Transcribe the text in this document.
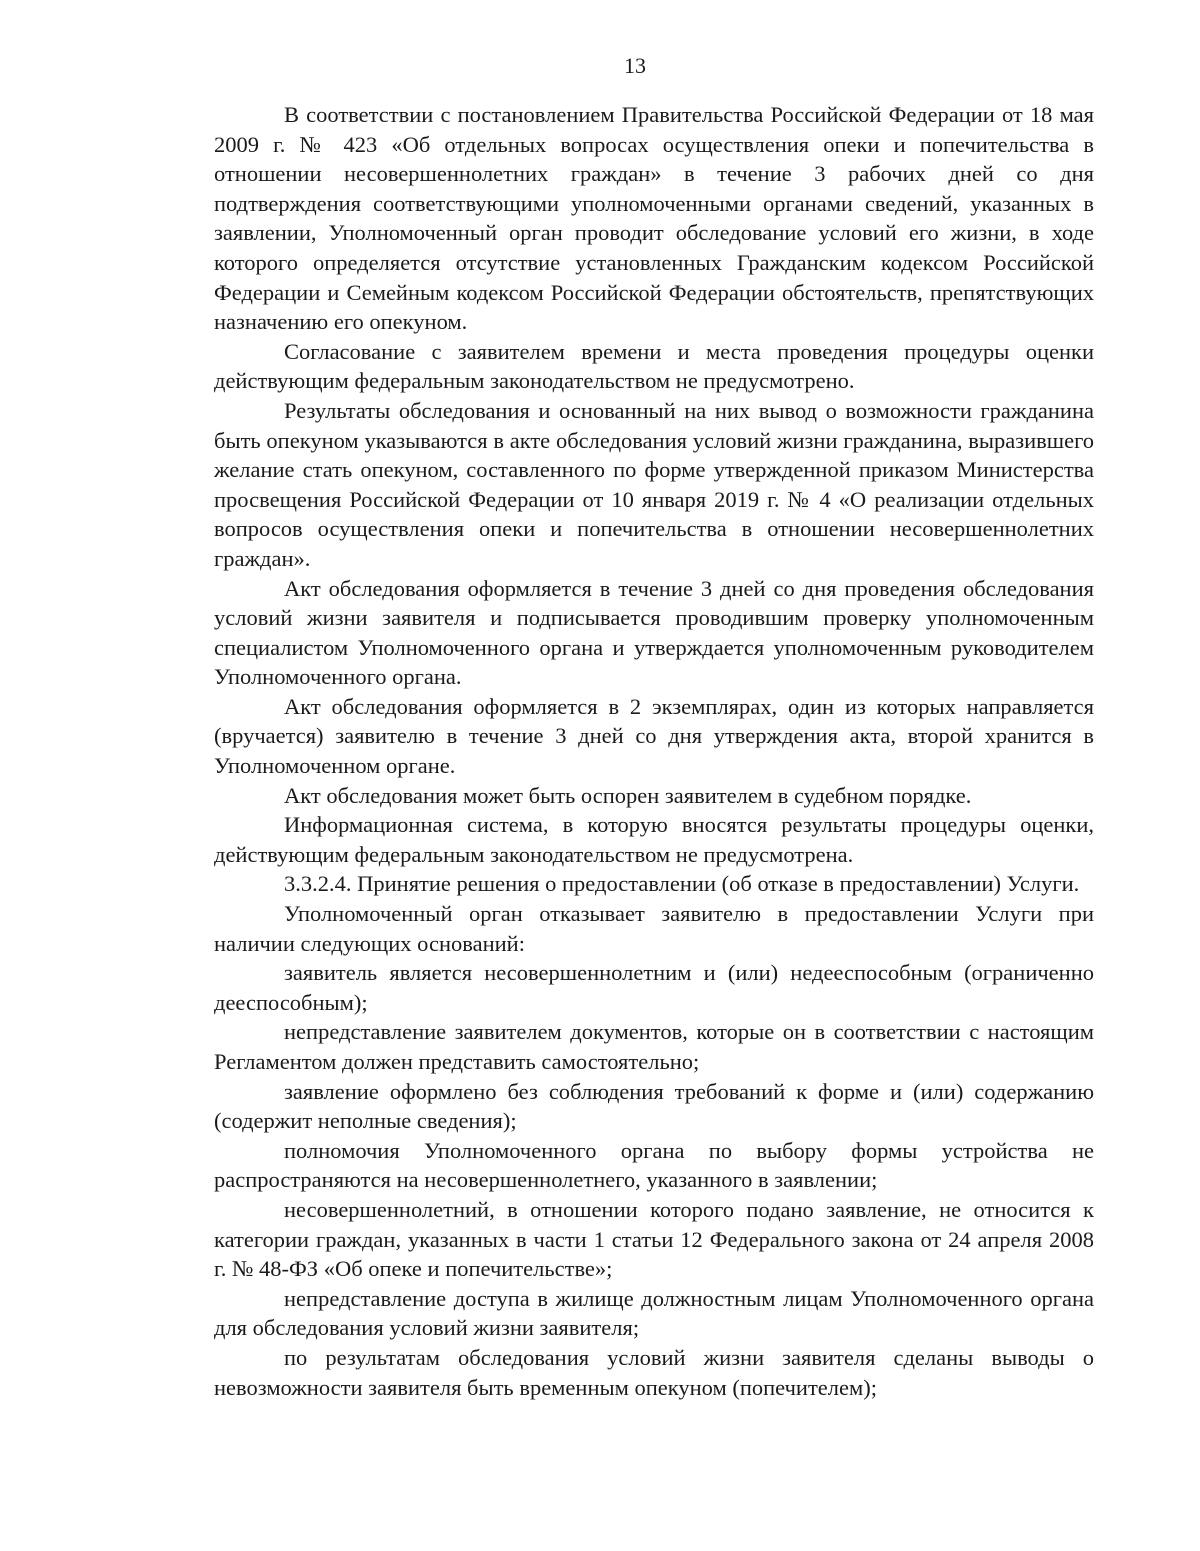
13

В соответствии с постановлением Правительства Российской Федерации от 18 мая 2009 г. № 423 «Об отдельных вопросах осуществления опеки и попечительства в отношении несовершеннолетних граждан» в течение 3 рабочих дней со дня подтверждения соответствующими уполномоченными органами сведений, указанных в заявлении, Уполномоченный орган проводит обследование условий его жизни, в ходе которого определяется отсутствие установленных Гражданским кодексом Российской Федерации и Семейным кодексом Российской Федерации обстоятельств, препятствующих назначению его опекуном.

Согласование с заявителем времени и места проведения процедуры оценки действующим федеральным законодательством не предусмотрено.

Результаты обследования и основанный на них вывод о возможности гражданина быть опекуном указываются в акте обследования условий жизни гражданина, выразившего желание стать опекуном, составленного по форме утвержденной приказом Министерства просвещения Российской Федерации от 10 января 2019 г. № 4 «О реализации отдельных вопросов осуществления опеки и попечительства в отношении несовершеннолетних граждан».

Акт обследования оформляется в течение 3 дней со дня проведения обследования условий жизни заявителя и подписывается проводившим проверку уполномоченным специалистом Уполномоченного органа и утверждается уполномоченным руководителем Уполномоченного органа.

Акт обследования оформляется в 2 экземплярах, один из которых направляется (вручается) заявителю в течение 3 дней со дня утверждения акта, второй хранится в Уполномоченном органе.

Акт обследования может быть оспорен заявителем в судебном порядке.

Информационная система, в которую вносятся результаты процедуры оценки, действующим федеральным законодательством не предусмотрена.

3.3.2.4. Принятие решения о предоставлении (об отказе в предоставлении) Услуги.

Уполномоченный орган отказывает заявителю в предоставлении Услуги при наличии следующих оснований:

заявитель является несовершеннолетним и (или) недееспособным (ограниченно дееспособным);

непредставление заявителем документов, которые он в соответствии с настоящим Регламентом должен представить самостоятельно;

заявление оформлено без соблюдения требований к форме и (или) содержанию (содержит неполные сведения);

полномочия Уполномоченного органа по выбору формы устройства не распространяются на несовершеннолетнего, указанного в заявлении;

несовершеннолетний, в отношении которого подано заявление, не относится к категории граждан, указанных в части 1 статьи 12 Федерального закона от 24 апреля 2008 г. № 48-ФЗ «Об опеке и попечительстве»;

непредставление доступа в жилище должностным лицам Уполномоченного органа для обследования условий жизни заявителя;

по результатам обследования условий жизни заявителя сделаны выводы о невозможности заявителя быть временным опекуном (попечителем);
